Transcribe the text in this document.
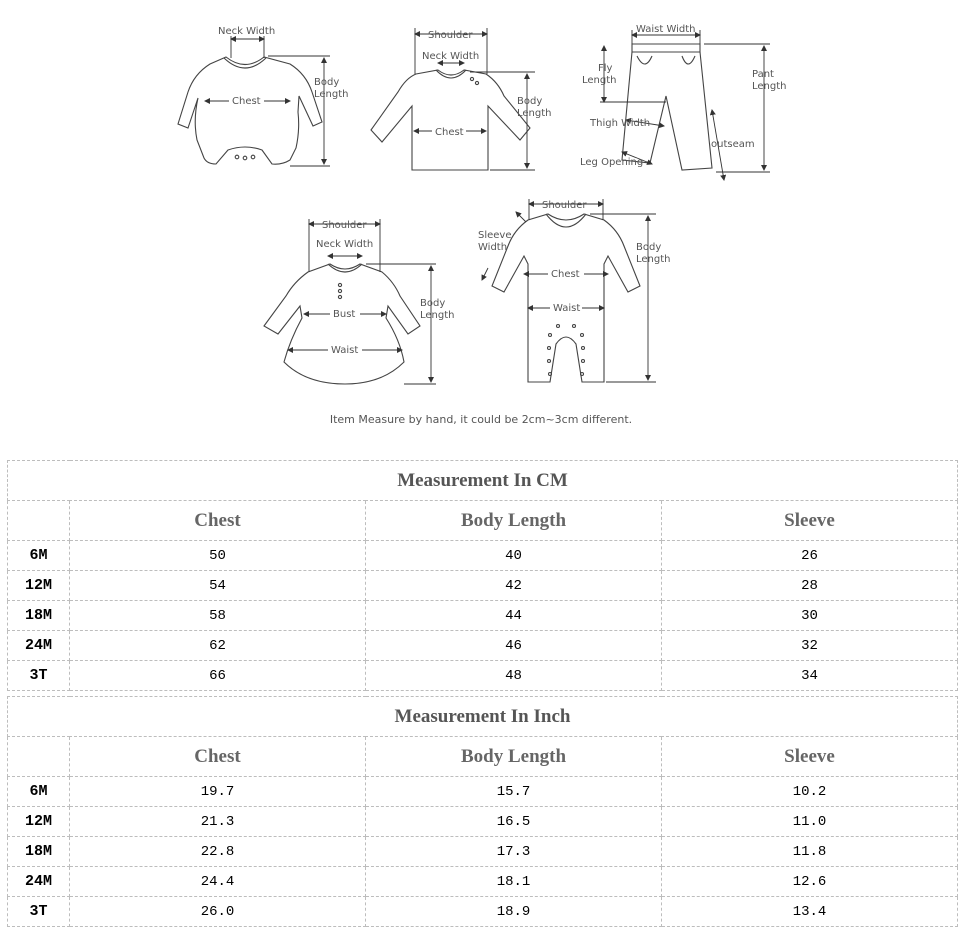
Neck Width
Body
Length
Chest
Shoulder
Neck Width
Body
Length
Chest
Waist Width
Fly
Length
Pant
Length
Thigh Width
outseam
Leg Opening
Shoulder
Neck Width
Body
Length
Bust
Waist
Shoulder
Sleeve
Width	Body
Length
Chest
Waist
Item Measure by hand, it could be 2cm~3cm different.
Measurement In CM			
	Chest	Body Length	Sleeve
6M	50	40	26
12M	54	42	28
18M	58	44	30
24M	62	46	32
3T	66	48	34
Measurement In Inch			
	Chest	Body Length	Sleeve
6M	19.7	15.7	10.2
12M	21.3	16.5	11.0
18M	22.8	17.3	11.8
24M	24.4	18.1	12.6
3T	26.0	18.9	13.4
